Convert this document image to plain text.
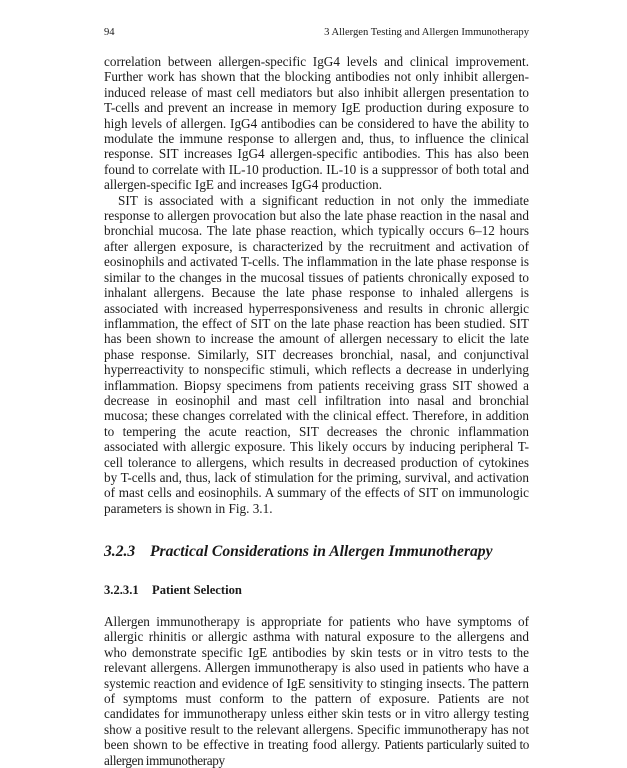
94	3 Allergen Testing and Allergen Immunotherapy

correlation between allergen-specific IgG4 levels and clinical improvement. Further work has shown that the blocking antibodies not only inhibit allergen-induced release of mast cell mediators but also inhibit allergen presentation to T-cells and prevent an increase in memory IgE production during exposure to high levels of allergen. IgG4 antibodies can be considered to have the ability to modulate the immune response to allergen and, thus, to influence the clinical response. SIT increases IgG4 allergen-specific antibodies. This has also been found to correlate with IL-10 production. IL-10 is a suppressor of both total and allergen-specific IgE and increases IgG4 production.

SIT is associated with a significant reduction in not only the immediate response to allergen provocation but also the late phase reaction in the nasal and bronchial mucosa. The late phase reaction, which typically occurs 6–12 hours after allergen exposure, is characterized by the recruitment and activation of eosinophils and activated T-cells. The inflammation in the late phase response is similar to the changes in the mucosal tissues of patients chronically exposed to inhalant allergens. Because the late phase response to inhaled allergens is associated with increased hyperresponsiveness and results in chronic allergic inflammation, the effect of SIT on the late phase reaction has been studied. SIT has been shown to increase the amount of allergen necessary to elicit the late phase response. Similarly, SIT decreases bronchial, nasal, and conjunctival hyperreactivity to nonspecific stimuli, which reflects a decrease in underlying inflammation. Biopsy specimens from patients receiving grass SIT showed a decrease in eosinophil and mast cell infiltration into nasal and bronchial mucosa; these changes correlated with the clinical effect. Therefore, in addition to tempering the acute reaction, SIT decreases the chronic inflammation associated with allergic exposure. This likely occurs by inducing peripheral T-cell tolerance to allergens, which results in decreased production of cytokines by T-cells and, thus, lack of stimulation for the priming, survival, and activation of mast cells and eosinophils. A summary of the effects of SIT on immunologic parameters is shown in Fig. 3.1.

3.2.3 Practical Considerations in Allergen Immunotherapy
3.2.3.1 Patient Selection

Allergen immunotherapy is appropriate for patients who have symptoms of allergic rhinitis or allergic asthma with natural exposure to the allergens and who demonstrate specific IgE antibodies by skin tests or in vitro tests to the relevant allergens. Allergen immunotherapy is also used in patients who have a systemic reaction and evidence of IgE sensitivity to stinging insects. The pattern of symptoms must conform to the pattern of exposure. Patients are not candidates for immunotherapy unless either skin tests or in vitro allergy testing show a positive result to the relevant allergens. Specific immunotherapy has not been shown to be effective in treating food allergy. Patients particularly suited to allergen immunotherapy
